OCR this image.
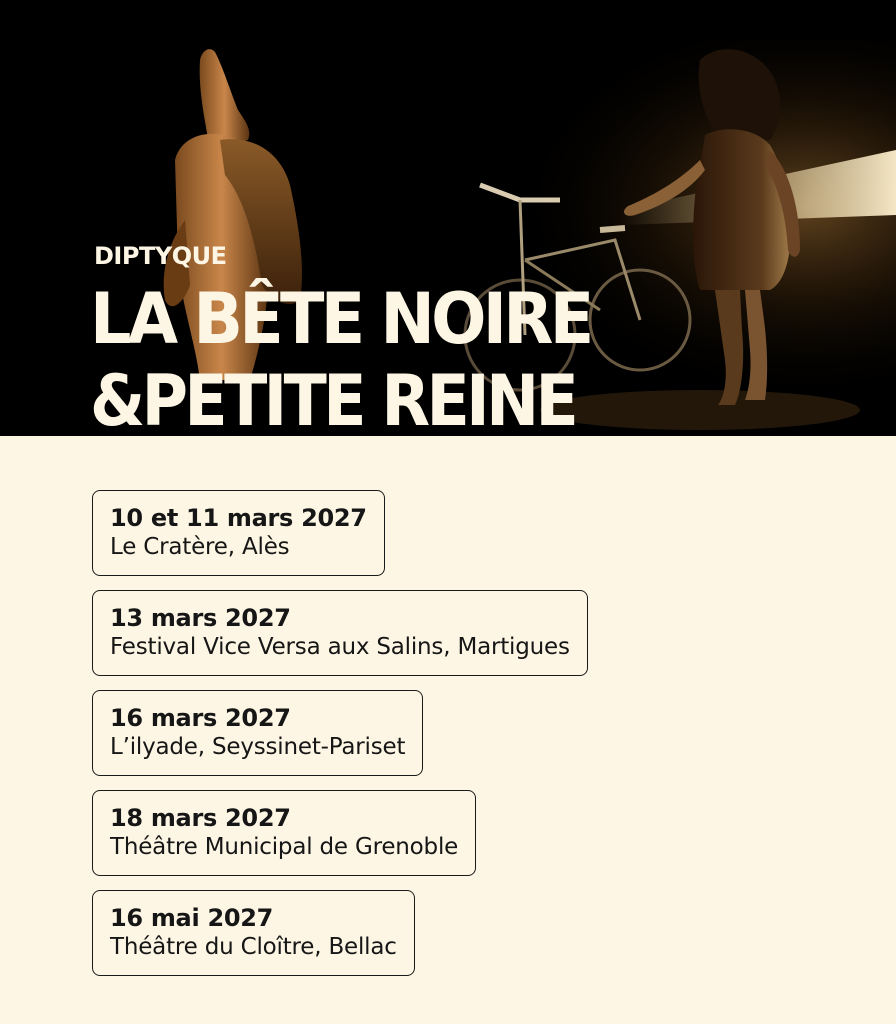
DIPTYQUE
LA BÊTE NOIRE
&PETITE REINE
10 et 11 mars 2027
Le Cratère, Alès
13 mars 2027
Festival Vice Versa aux Salins, Martigues
16 mars 2027
L’ilyade, Seyssinet-Pariset
18 mars 2027
Théâtre Municipal de Grenoble
16 mai 2027
Théâtre du Cloître, Bellac
